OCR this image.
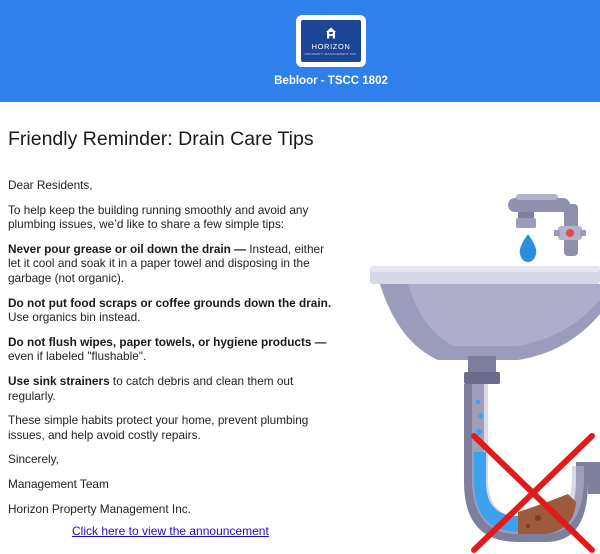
HORIZON
PROPERTY MANAGEMENT INC.
Bebloor - TSCC 1802
Friendly Reminder: Drain Care Tips

Dear Residents,

To help keep the building running smoothly and avoid any plumbing issues, we’d like to share a few simple tips:

Never pour grease or oil down the drain — Instead, either let it cool and soak it in a paper towel and disposing in the garbage (not organic).

Do not put food scraps or coffee grounds down the drain. Use organics bin instead.

Do not flush wipes, paper towels, or hygiene products — even if labeled "flushable".

Use sink strainers to catch debris and clean them out regularly.

These simple habits protect your home, prevent plumbing issues, and help avoid costly repairs.

Sincerely,

Management Team

Horizon Property Management Inc.

Click here to view the announcement
